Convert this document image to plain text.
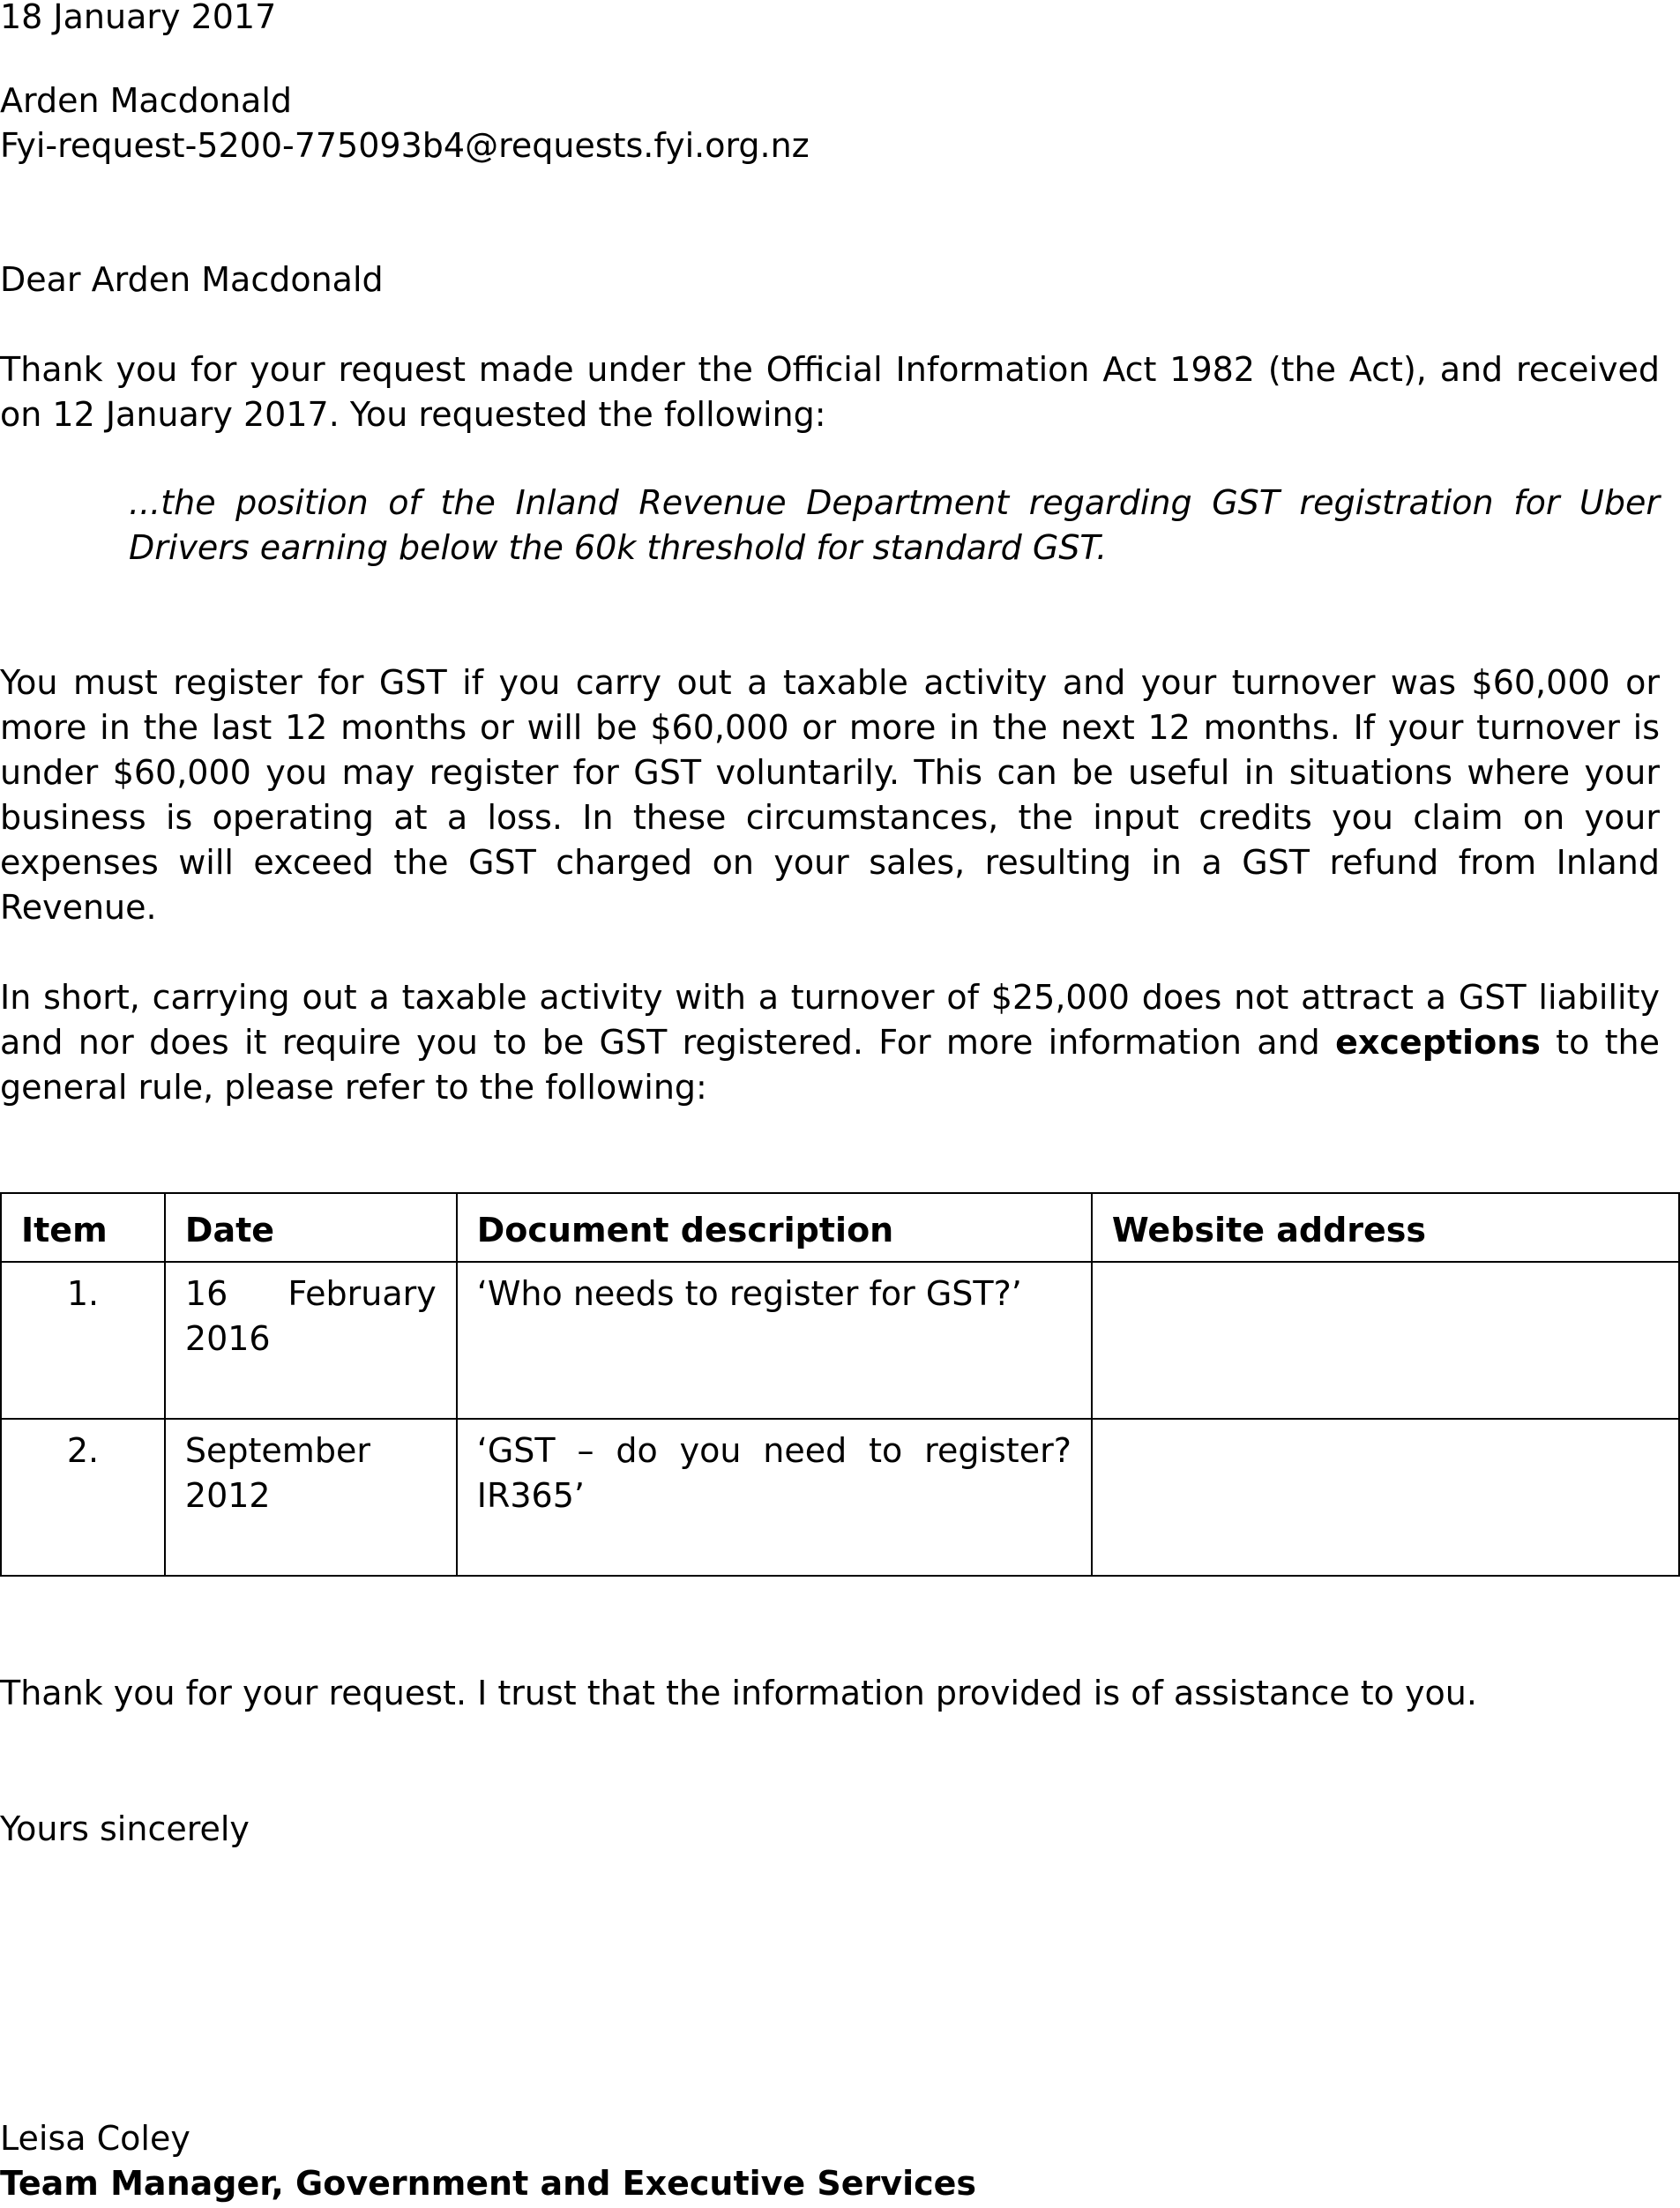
18 January 2017

Arden Macdonald

Fyi-request-5200-775093b4@requests.fyi.org.nz

Dear Arden Macdonald

Thank you for your request made under the Official Information Act 1982 (the Act), and received on 12 January 2017. You requested the following:

...the position of the Inland Revenue Department regarding GST registration for Uber Drivers earning below the 60k threshold for standard GST.

You must register for GST if you carry out a taxable activity and your turnover was $60,000 or more in the last 12 months or will be $60,000 or more in the next 12 months. If your turnover is under $60,000 you may register for GST voluntarily. This can be useful in situations where your business is operating at a loss. In these circumstances, the input credits you claim on your expenses will exceed the GST charged on your sales, resulting in a GST refund from Inland Revenue.

In short, carrying out a taxable activity with a turnover of $25,000 does not attract a GST liability and nor does it require you to be GST registered. For more information and exceptions to the general rule, please refer to the following:

Item	Date	Document description	Website address
1.	16 February 2016	‘Who needs to register for GST?’	
2.	September 2012	‘GST – do you need to register? IR365’	

Thank you for your request. I trust that the information provided is of assistance to you.

Yours sincerely

Leisa Coley

Team Manager, Government and Executive Services
